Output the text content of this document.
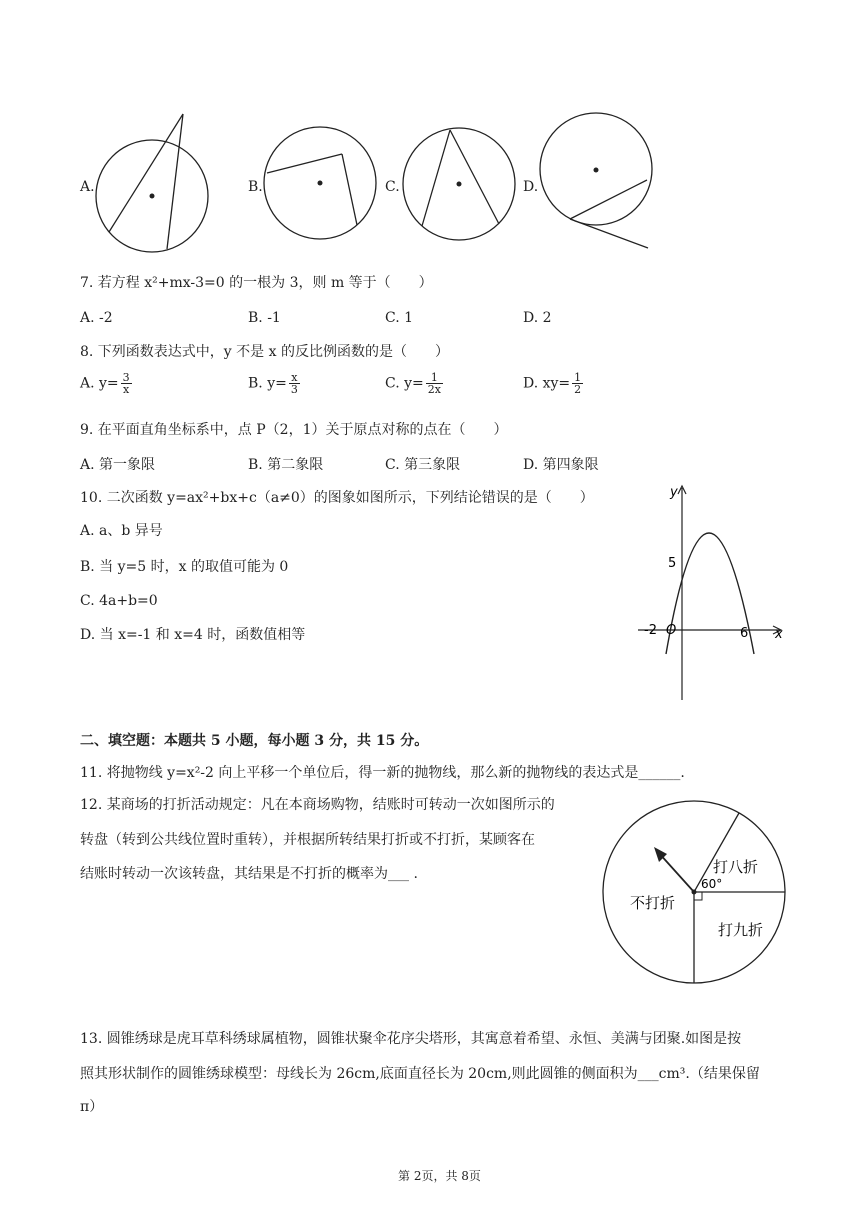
A.	B.	C.	D.
7. 若方程 x²+mx-3=0 的一根为 3，则 m 等于（　　）
A. -2	B. -1	C. 1	D. 2
8. 下列函数表达式中，y 不是 x 的反比例函数的是（　　）
A. $y= \frac{3}{x}$	B. $y= \frac{x}{3}$	C. $y= \frac{1}{2x}$	D. $xy= \frac{1}{2}$
9. 在平面直角坐标系中，点 P（2，1）关于原点对称的点在（　　）
A. 第一象限	B. 第二象限	C. 第三象限	D. 第四象限
10. 二次函数 y=ax²+bx+c（a≠0）的图象如图所示，下列结论错误的是（　　）
A. a、b 异号
B. 当 y=5 时，x 的取值可能为 0
C. 4a+b=0
D. 当 x=-1 和 x=4 时，函数值相等
y
x
5
-2 O	6
二、填空题：本题共 5 小题，每小题 3 分，共 15 分。
11. 将抛物线 y=x²-2 向上平移一个单位后，得一新的抛物线，那么新的抛物线的表达式是______.
12. 某商场的打折活动规定：凡在本商场购物，结账时可转动一次如图所示的
转盘（转到公共线位置时重转），并根据所转结果打折或不打折，某顾客在
结账时转动一次该转盘，其结果是不打折的概率为___ .	打八折
打九折
不打折
60°
13. 圆锥绣球是虎耳草科绣球属植物，圆锥状聚伞花序尖塔形，其寓意着希望、永恒、美满与团聚.如图是按
照其形状制作的圆锥绣球模型：母线长为 26cm,底面直径长为 20cm,则此圆锥的侧面积为___cm³.（结果保留
π）
第 2页，共 8页
